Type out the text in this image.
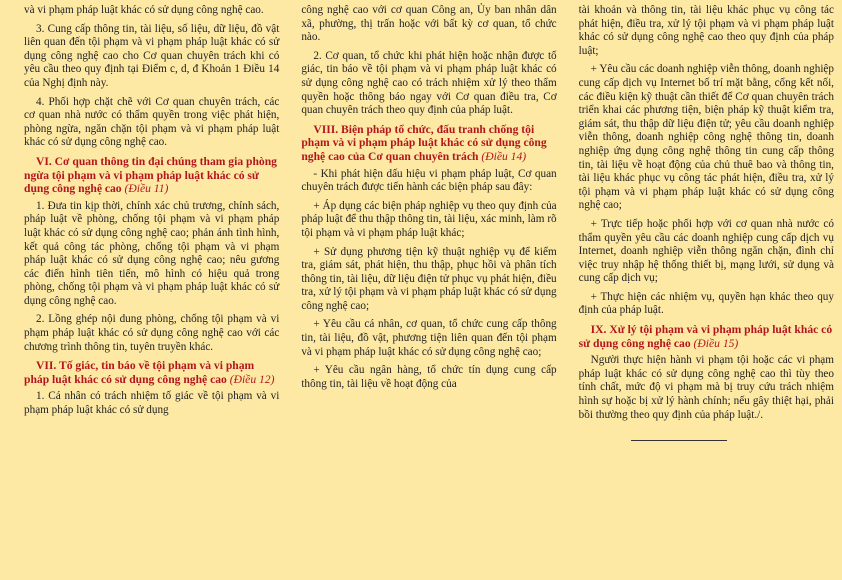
và vi phạm pháp luật khác có sử dụng công nghệ cao.

3. Cung cấp thông tin, tài liệu, số liệu, dữ liệu, đồ vật liên quan đến tội phạm và vi phạm pháp luật khác có sử dụng công nghệ cao cho Cơ quan chuyên trách khi có yêu cầu theo quy định tại Điểm c, d, đ Khoản 1 Điều 14 của Nghị định này.

4. Phối hợp chặt chẽ với Cơ quan chuyên trách, các cơ quan nhà nước có thẩm quyền trong việc phát hiện, phòng ngừa, ngăn chặn tội phạm và vi phạm pháp luật khác có sử dụng công nghệ cao.

VI. Cơ quan thông tin đại chúng tham gia phòng ngừa tội phạm và vi phạm pháp luật khác có sử dụng công nghệ cao (Điều 11)

1. Đưa tin kịp thời, chính xác chủ trương, chính sách, pháp luật về phòng, chống tội phạm và vi phạm pháp luật khác có sử dụng công nghệ cao; phản ánh tình hình, kết quả công tác phòng, chống tội phạm và vi phạm pháp luật khác có sử dụng công nghệ cao; nêu gương các điển hình tiên tiến, mô hình có hiệu quả trong phòng, chống tội phạm và vi phạm pháp luật khác có sử dụng công nghệ cao.

2. Lồng ghép nội dung phòng, chống tội phạm và vi phạm pháp luật khác có sử dụng công nghệ cao với các chương trình thông tin, tuyên truyền khác.

VII. Tố giác, tin báo về tội phạm và vi phạm pháp luật khác có sử dụng công nghệ cao (Điều 12)

1. Cá nhân có trách nhiệm tố giác về tội phạm và vi phạm pháp luật khác có sử dụng

công nghệ cao với cơ quan Công an, Ủy ban nhân dân xã, phường, thị trấn hoặc với bất kỳ cơ quan, tổ chức nào.

2. Cơ quan, tổ chức khi phát hiện hoặc nhận được tố giác, tin báo về tội phạm và vi phạm pháp luật khác có sử dụng công nghệ cao có trách nhiệm xử lý theo thẩm quyền hoặc thông báo ngay với Cơ quan điều tra, Cơ quan chuyên trách theo quy định của pháp luật.

VIII. Biện pháp tổ chức, đấu tranh chống tội phạm và vi phạm pháp luật khác có sử dụng công nghệ cao của Cơ quan chuyên trách (Điều 14)

- Khi phát hiện dấu hiệu vi phạm pháp luật, Cơ quan chuyên trách được tiến hành các biện pháp sau đây:

+ Áp dụng các biện pháp nghiệp vụ theo quy định của pháp luật để thu thập thông tin, tài liệu, xác minh, làm rõ tội phạm và vi phạm pháp luật khác;

+ Sử dụng phương tiện kỹ thuật nghiệp vụ để kiểm tra, giám sát, phát hiện, thu thập, phục hồi và phân tích thông tin, tài liệu, dữ liệu điện tử phục vụ phát hiện, điều tra, xử lý tội phạm và vi phạm pháp luật khác có sử dụng công nghệ cao;

+ Yêu cầu cá nhân, cơ quan, tổ chức cung cấp thông tin, tài liệu, đồ vật, phương tiện liên quan đến tội phạm và vi phạm pháp luật khác có sử dụng công nghệ cao;

+ Yêu cầu ngân hàng, tổ chức tín dụng cung cấp thông tin, tài liệu về hoạt động của

tài khoản và thông tin, tài liệu khác phục vụ công tác phát hiện, điều tra, xử lý tội phạm và vi phạm pháp luật khác có sử dụng công nghệ cao theo quy định của pháp luật;

+ Yêu cầu các doanh nghiệp viễn thông, doanh nghiệp cung cấp dịch vụ Internet bố trí mặt bằng, cổng kết nối, các điều kiện kỹ thuật cần thiết để Cơ quan chuyên trách triển khai các phương tiện, biện pháp kỹ thuật kiểm tra, giám sát, thu thập dữ liệu điện tử; yêu cầu doanh nghiệp viễn thông, doanh nghiệp công nghệ thông tin, doanh nghiệp ứng dụng công nghệ thông tin cung cấp thông tin, tài liệu về hoạt động của chủ thuê bao và thông tin, tài liệu khác phục vụ công tác phát hiện, điều tra, xử lý tội phạm và vi phạm pháp luật khác có sử dụng công nghệ cao;

+ Trực tiếp hoặc phối hợp với cơ quan nhà nước có thẩm quyền yêu cầu các doanh nghiệp cung cấp dịch vụ Internet, doanh nghiệp viễn thông ngăn chặn, đình chỉ việc truy nhập hệ thống thiết bị, mạng lưới, sử dụng và cung cấp dịch vụ;

+ Thực hiện các nhiệm vụ, quyền hạn khác theo quy định của pháp luật.

IX. Xử lý tội phạm và vi phạm pháp luật khác có sử dụng công nghệ cao (Điều 15)

Người thực hiện hành vi phạm tội hoặc các vi phạm pháp luật khác có sử dụng công nghệ cao thì tùy theo tính chất, mức độ vi phạm mà bị truy cứu trách nhiệm hình sự hoặc bị xử lý hành chính; nếu gây thiệt hại, phải bồi thường theo quy định của pháp luật./.
